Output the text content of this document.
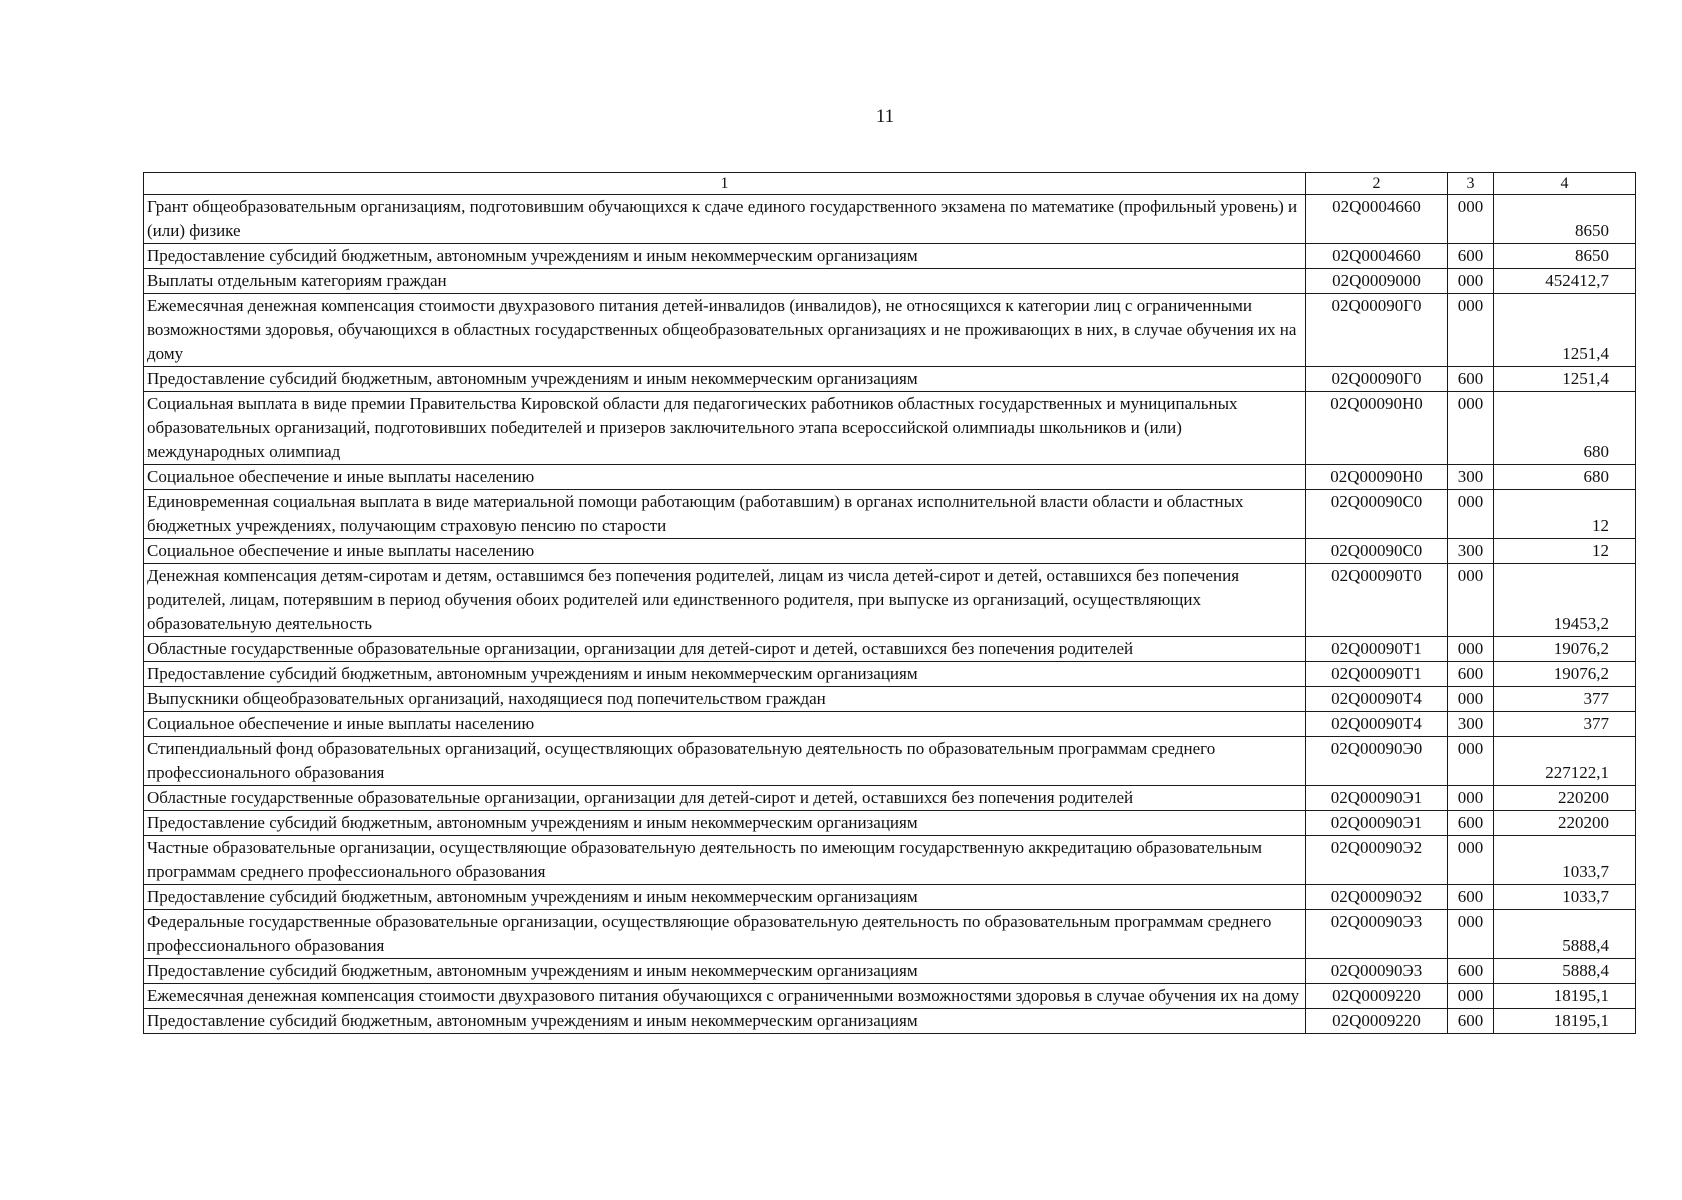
11
1	2	3	4
Грант общеобразовательным организациям, подготовившим обучающихся к сдаче единого государственного экзамена по математике (профильный уровень) и (или) физике	02Q0004660	000	8650
Предоставление субсидий бюджетным, автономным учреждениям и иным некоммерческим организациям	02Q0004660	600	8650
Выплаты отдельным категориям граждан	02Q0009000	000	452412,7
Ежемесячная денежная компенсация стоимости двухразового питания детей-инвалидов (инвалидов), не относящихся к категории лиц с ограниченными возможностями здоровья, обучающихся в областных государственных общеобразовательных организациях и не проживающих в них, в случае обучения их на дому	02Q00090Г0	000	1251,4
Предоставление субсидий бюджетным, автономным учреждениям и иным некоммерческим организациям	02Q00090Г0	600	1251,4
Социальная выплата в виде премии Правительства Кировской области для педагогических работников областных государственных и муниципальных образовательных организаций, подготовивших победителей и призеров заключительного этапа всероссийской олимпиады школьников и (или) международных олимпиад	02Q00090Н0	000	680
Социальное обеспечение и иные выплаты населению	02Q00090Н0	300	680
Единовременная социальная выплата в виде материальной помощи работающим (работавшим) в органах исполнительной власти области и областных бюджетных учреждениях, получающим страховую пенсию по старости	02Q00090С0	000	12
Социальное обеспечение и иные выплаты населению	02Q00090С0	300	12
Денежная компенсация детям-сиротам и детям, оставшимся без попечения родителей, лицам из числа детей-сирот и детей, оставшихся без попечения родителей, лицам, потерявшим в период обучения обоих родителей или единственного родителя, при выпуске из организаций, осуществляющих образовательную деятельность	02Q00090Т0	000	19453,2
Областные государственные образовательные организации, организации для детей-сирот и детей, оставшихся без попечения родителей	02Q00090Т1	000	19076,2
Предоставление субсидий бюджетным, автономным учреждениям и иным некоммерческим организациям	02Q00090Т1	600	19076,2
Выпускники общеобразовательных организаций, находящиеся под попечительством граждан	02Q00090Т4	000	377
Социальное обеспечение и иные выплаты населению	02Q00090Т4	300	377
Стипендиальный фонд образовательных организаций, осуществляющих образовательную деятельность по образовательным программам среднего профессионального образования	02Q00090Э0	000	227122,1
Областные государственные образовательные организации, организации для детей-сирот и детей, оставшихся без попечения родителей	02Q00090Э1	000	220200
Предоставление субсидий бюджетным, автономным учреждениям и иным некоммерческим организациям	02Q00090Э1	600	220200
Частные образовательные организации, осуществляющие образовательную деятельность по имеющим государственную аккредитацию образовательным программам среднего профессионального образования	02Q00090Э2	000	1033,7
Предоставление субсидий бюджетным, автономным учреждениям и иным некоммерческим организациям	02Q00090Э2	600	1033,7
Федеральные государственные образовательные организации, осуществляющие образовательную деятельность по образовательным программам среднего профессионального образования	02Q00090Э3	000	5888,4
Предоставление субсидий бюджетным, автономным учреждениям и иным некоммерческим организациям	02Q00090Э3	600	5888,4
Ежемесячная денежная компенсация стоимости двухразового питания обучающихся с ограниченными возможностями здоровья в случае обучения их на дому	02Q0009220	000	18195,1
Предоставление субсидий бюджетным, автономным учреждениям и иным некоммерческим организациям	02Q0009220	600	18195,1
